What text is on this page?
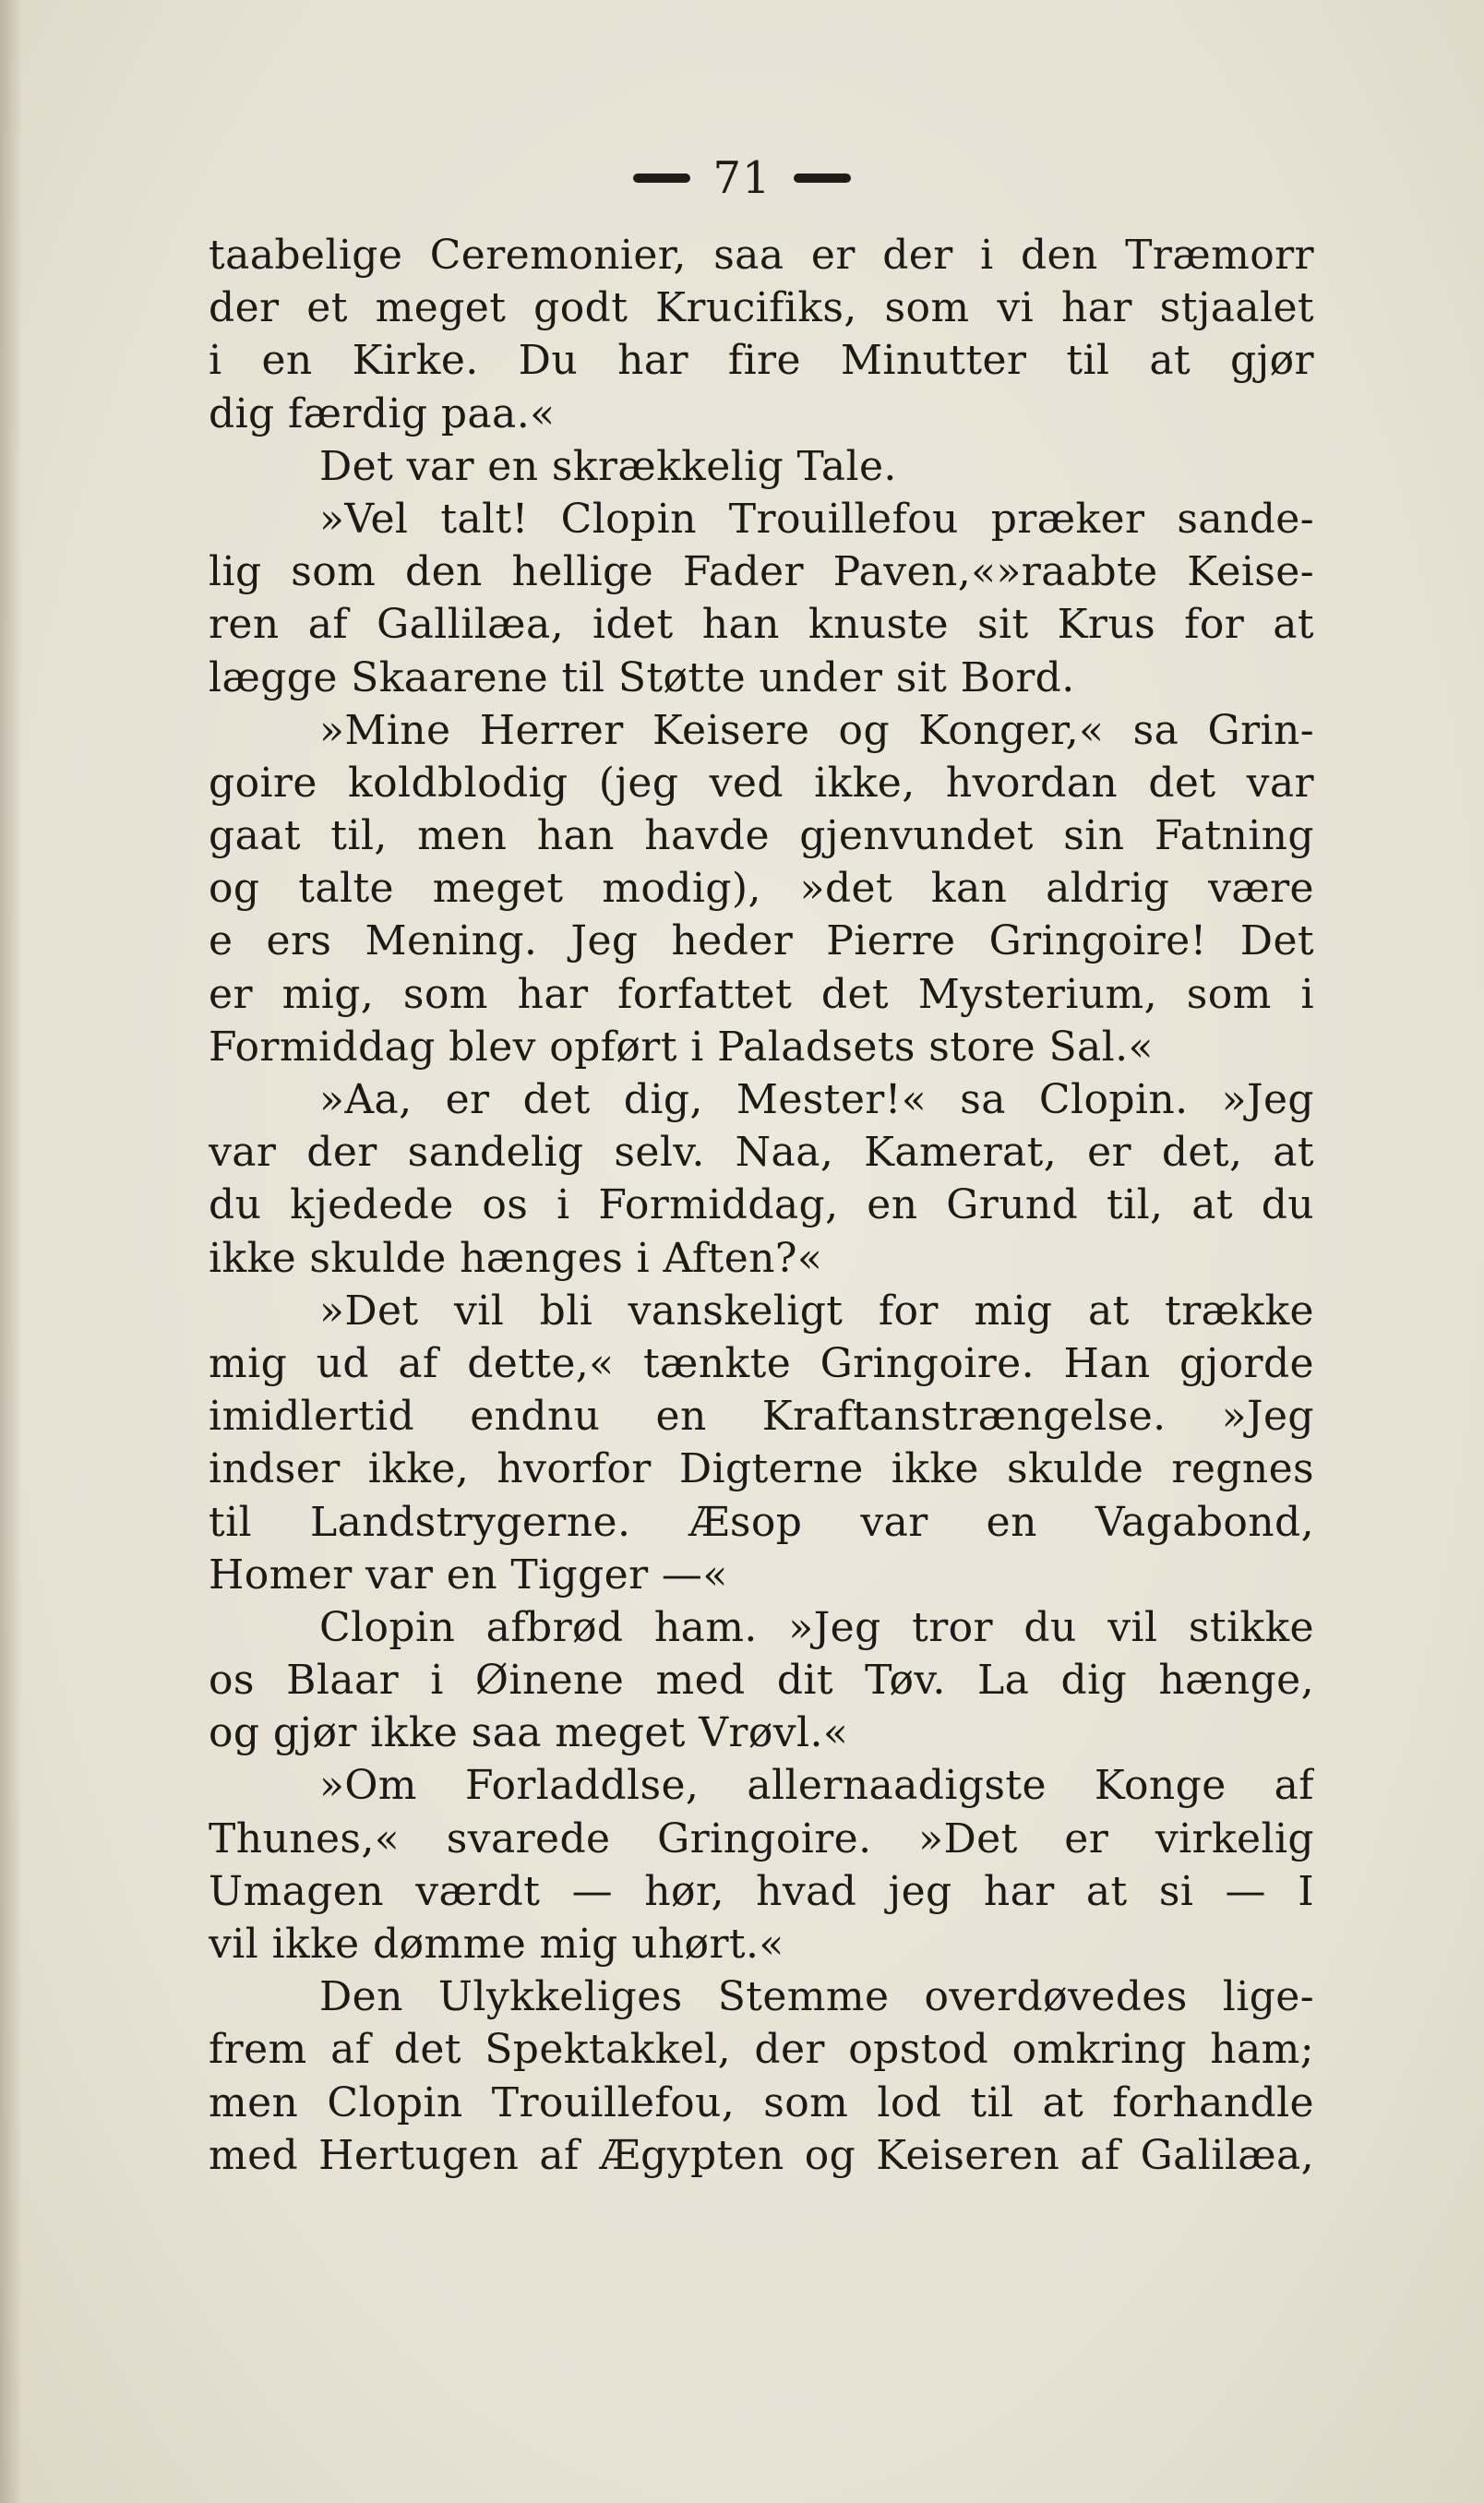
71
taabelige Ceremonier, saa er der i den Træmorr
der et meget godt Krucifiks, som vi har stjaalet
i en Kirke. Du har fire Minutter til at gjør
dig færdig paa.«
Det var en skrækkelig Tale.
»Vel talt! Clopin Trouillefou præker sande-
lig som den hellige Fader Paven,«»raabte Keise-
ren af Gallilæa, idet han knuste sit Krus for at
lægge Skaarene til Støtte under sit Bord.
»Mine Herrer Keisere og Konger,« sa Grin-
goire koldblodig (jeg ved ikke, hvordan det var
gaat til, men han havde gjenvundet sin Fatning
og talte meget modig), »det kan aldrig være
e ers Mening. Jeg heder Pierre Gringoire! Det
er mig, som har forfattet det Mysterium, som i
Formiddag blev opført i Paladsets store Sal.«
»Aa, er det dig, Mester!« sa Clopin. »Jeg
var der sandelig selv. Naa, Kamerat, er det, at
du kjedede os i Formiddag, en Grund til, at du
ikke skulde hænges i Aften?«
»Det vil bli vanskeligt for mig at trække
mig ud af dette,« tænkte Gringoire. Han gjorde
imidlertid endnu en Kraftanstrængelse. »Jeg
indser ikke, hvorfor Digterne ikke skulde regnes
til Landstrygerne. Æsop var en Vagabond,
Homer var en Tigger —«
Clopin afbrød ham. »Jeg tror du vil stikke
os Blaar i Øinene med dit Tøv. La dig hænge,
og gjør ikke saa meget Vrøvl.«
»Om Forladdlse, allernaadigste Konge af
Thunes,« svarede Gringoire. »Det er virkelig
Umagen værdt — hør, hvad jeg har at si — I
vil ikke dømme mig uhørt.«
Den Ulykkeliges Stemme overdøvedes lige-
frem af det Spektakkel, der opstod omkring ham;
men Clopin Trouillefou, som lod til at forhandle
med Hertugen af Ægypten og Keiseren af Galilæa,
